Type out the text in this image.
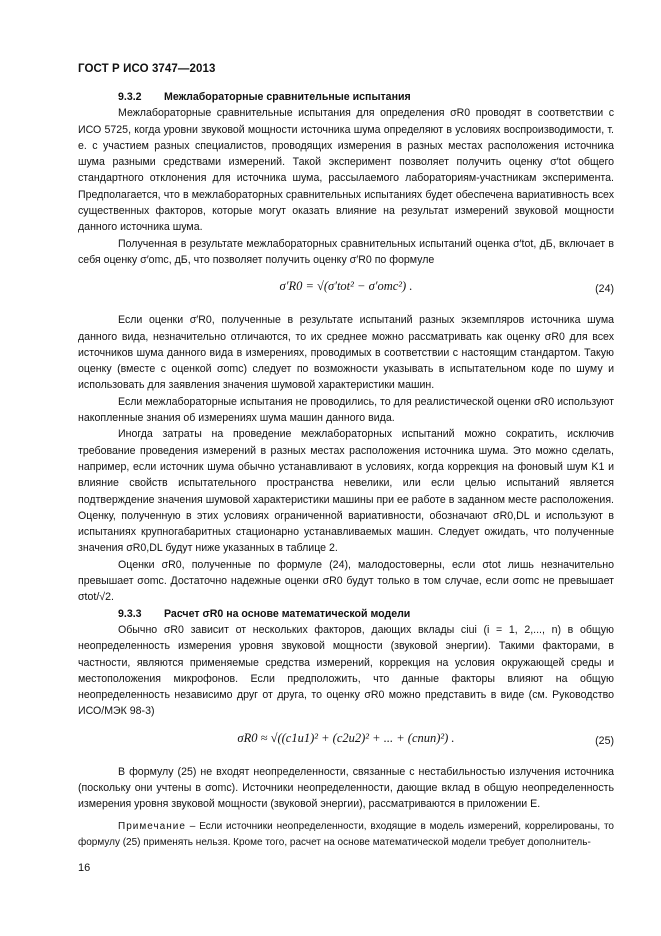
ГОСТ Р ИСО 3747—2013
9.3.2 Межлабораторные сравнительные испытания

Межлабораторные сравнительные испытания для определения σR0 проводят в соответствии с ИСО 5725, когда уровни звуковой мощности источника шума определяют в условиях воспроизводимости, т. е. с участием разных специалистов, проводящих измерения в разных местах расположения источника шума разными средствами измерений. Такой эксперимент позволяет получить оценку σ′tot общего стандартного отклонения для источника шума, рассылаемого лабораториям-участникам эксперимента. Предполагается, что в межлабораторных сравнительных испытаниях будет обеспечена вариативность всех существенных факторов, которые могут оказать влияние на результат измерений звуковой мощности данного источника шума.

Полученная в результате межлабораторных сравнительных испытаний оценка σ′tot, дБ, включает в себя оценку σ′omc, дБ, что позволяет получить оценку σ′R0 по формуле

σ′R0 = √(σ′tot² − σ′omc²) .	(24)

Если оценки σ′R0, полученные в результате испытаний разных экземпляров источника шума данного вида, незначительно отличаются, то их среднее можно рассматривать как оценку σR0 для всех источников шума данного вида в измерениях, проводимых в соответствии с настоящим стандартом. Такую оценку (вместе с оценкой σomc) следует по возможности указывать в испытательном коде по шуму и использовать для заявления значения шумовой характеристики машин.

Если межлабораторные испытания не проводились, то для реалистической оценки σR0 используют накопленные знания об измерениях шума машин данного вида.

Иногда затраты на проведение межлабораторных испытаний можно сократить, исключив требование проведения измерений в разных местах расположения источника шума. Это можно сделать, например, если источник шума обычно устанавливают в условиях, когда коррекция на фоновый шум K1 и влияние свойств испытательного пространства невелики, или если целью испытаний является подтверждение значения шумовой характеристики машины при ее работе в заданном месте расположения. Оценку, полученную в этих условиях ограниченной вариативности, обозначают σR0,DL и используют в испытаниях крупногабаритных стационарно устанавливаемых машин. Следует ожидать, что полученные значения σR0,DL будут ниже указанных в таблице 2.

Оценки σR0, полученные по формуле (24), малодостоверны, если σtot лишь незначительно превышает σomc. Достаточно надежные оценки σR0 будут только в том случае, если σomc не превышает σtot/√2.

9.3.3 Расчет σR0 на основе математической модели

Обычно σR0 зависит от нескольких факторов, дающих вклады ciui (i = 1, 2,..., n) в общую неопределенность измерения уровня звуковой мощности (звуковой энергии). Такими факторами, в частности, являются применяемые средства измерений, коррекция на условия окружающей среды и местоположения микрофонов. Если предположить, что данные факторы влияют на общую неопределенность независимо друг от друга, то оценку σR0 можно представить в виде (см. Руководство ИСО/МЭК 98-3)

σR0 ≈ √((c1u1)² + (c2u2)² + ... + (cnun)²) .	(25)

В формулу (25) не входят неопределенности, связанные с нестабильностью излучения источника (поскольку они учтены в σomc). Источники неопределенности, дающие вклад в общую неопределенность измерения уровня звуковой мощности (звуковой энергии), рассматриваются в приложении Е.

Примечание – Если источники неопределенности, входящие в модель измерений, коррелированы, то формулу (25) применять нельзя. Кроме того, расчет на основе математической модели требует дополнитель-
16
